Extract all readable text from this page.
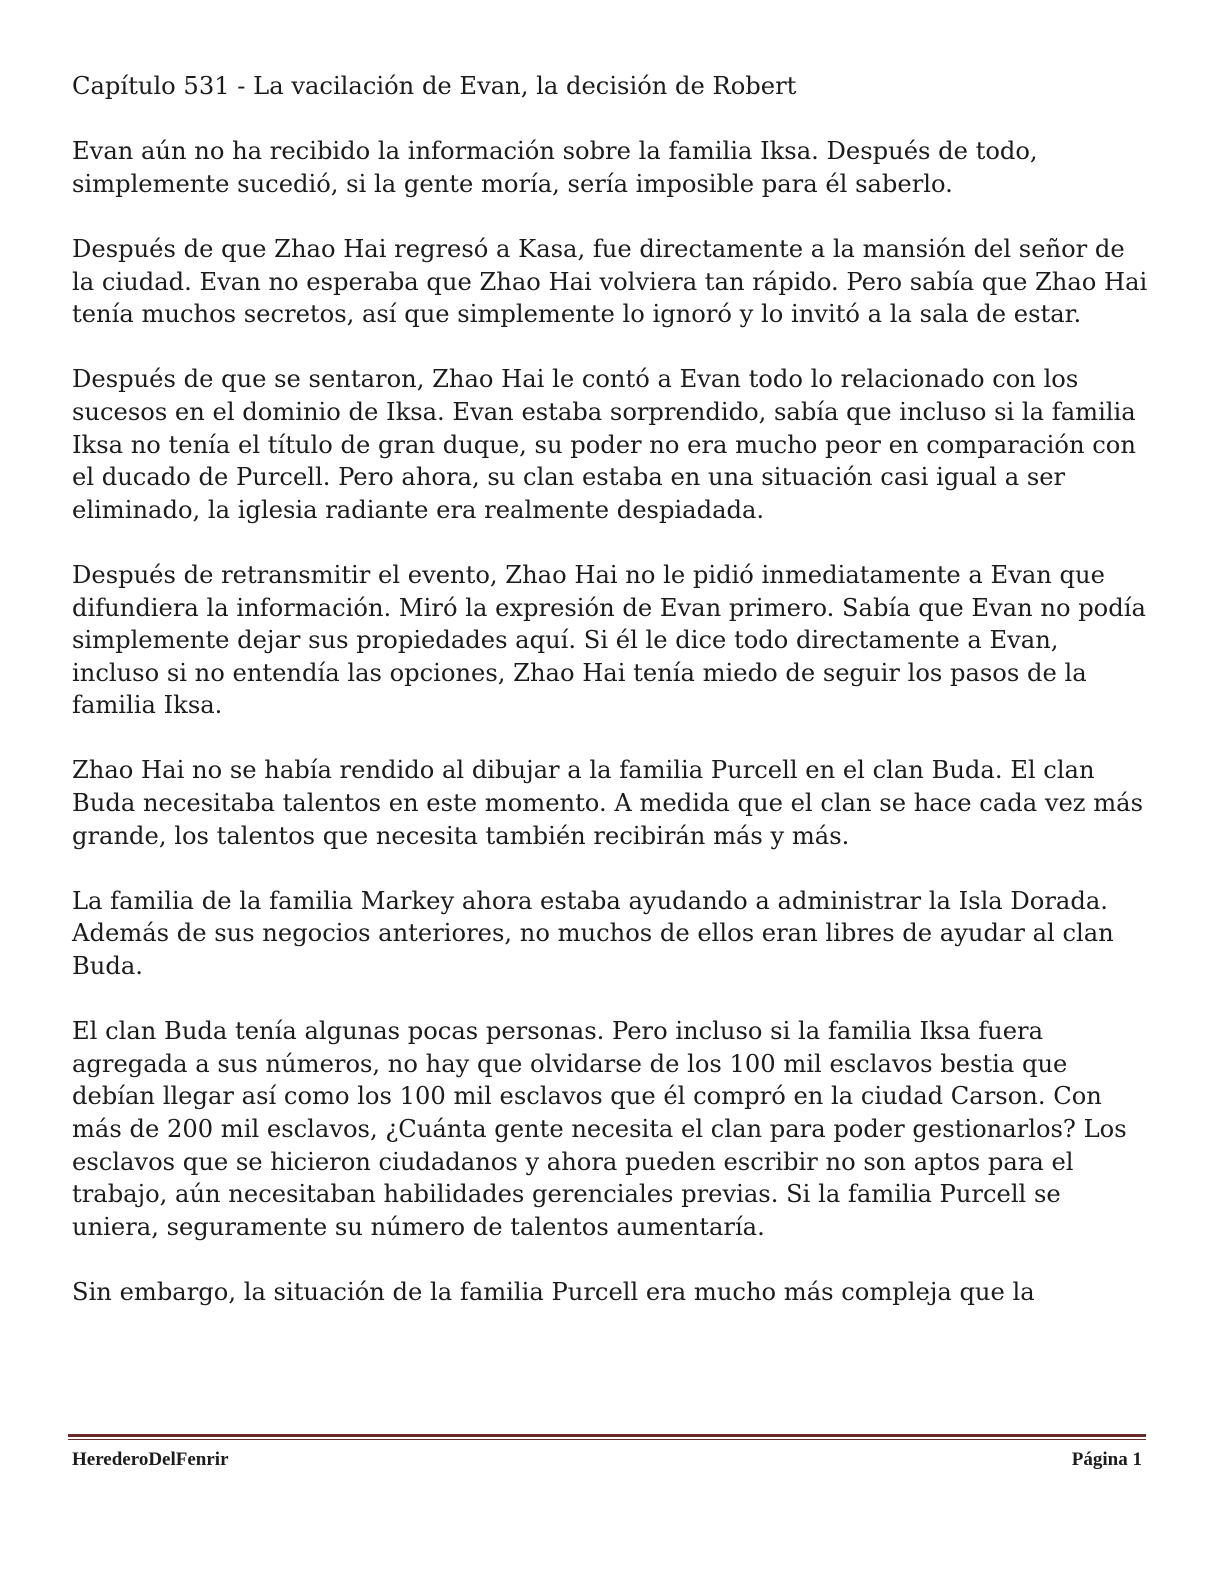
Capítulo 531 - La vacilación de Evan, la decisión de Robert

Evan aún no ha recibido la información sobre la familia Iksa. Después de todo, simplemente sucedió, si la gente moría, sería imposible para él saberlo.

Después de que Zhao Hai regresó a Kasa, fue directamente a la mansión del señor de la ciudad. Evan no esperaba que Zhao Hai volviera tan rápido. Pero sabía que Zhao Hai tenía muchos secretos, así que simplemente lo ignoró y lo invitó a la sala de estar.

Después de que se sentaron, Zhao Hai le contó a Evan todo lo relacionado con los sucesos en el dominio de Iksa. Evan estaba sorprendido, sabía que incluso si la familia Iksa no tenía el título de gran duque, su poder no era mucho peor en comparación con el ducado de Purcell. Pero ahora, su clan estaba en una situación casi igual a ser eliminado, la iglesia radiante era realmente despiadada.

Después de retransmitir el evento, Zhao Hai no le pidió inmediatamente a Evan que difundiera la información. Miró la expresión de Evan primero. Sabía que Evan no podía simplemente dejar sus propiedades aquí. Si él le dice todo directamente a Evan, incluso si no entendía las opciones, Zhao Hai tenía miedo de seguir los pasos de la familia Iksa.

Zhao Hai no se había rendido al dibujar a la familia Purcell en el clan Buda. El clan Buda necesitaba talentos en este momento. A medida que el clan se hace cada vez más grande, los talentos que necesita también recibirán más y más.

La familia de la familia Markey ahora estaba ayudando a administrar la Isla Dorada. Además de sus negocios anteriores, no muchos de ellos eran libres de ayudar al clan Buda.

El clan Buda tenía algunas pocas personas. Pero incluso si la familia Iksa fuera agregada a sus números, no hay que olvidarse de los 100 mil esclavos bestia que debían llegar así como los 100 mil esclavos que él compró en la ciudad Carson. Con más de 200 mil esclavos, ¿Cuánta gente necesita el clan para poder gestionarlos? Los esclavos que se hicieron ciudadanos y ahora pueden escribir no son aptos para el trabajo, aún necesitaban habilidades gerenciales previas. Si la familia Purcell se uniera, seguramente su número de talentos aumentaría.

Sin embargo, la situación de la familia Purcell era mucho más compleja que la

HerederoDelFenrir	Página 1
